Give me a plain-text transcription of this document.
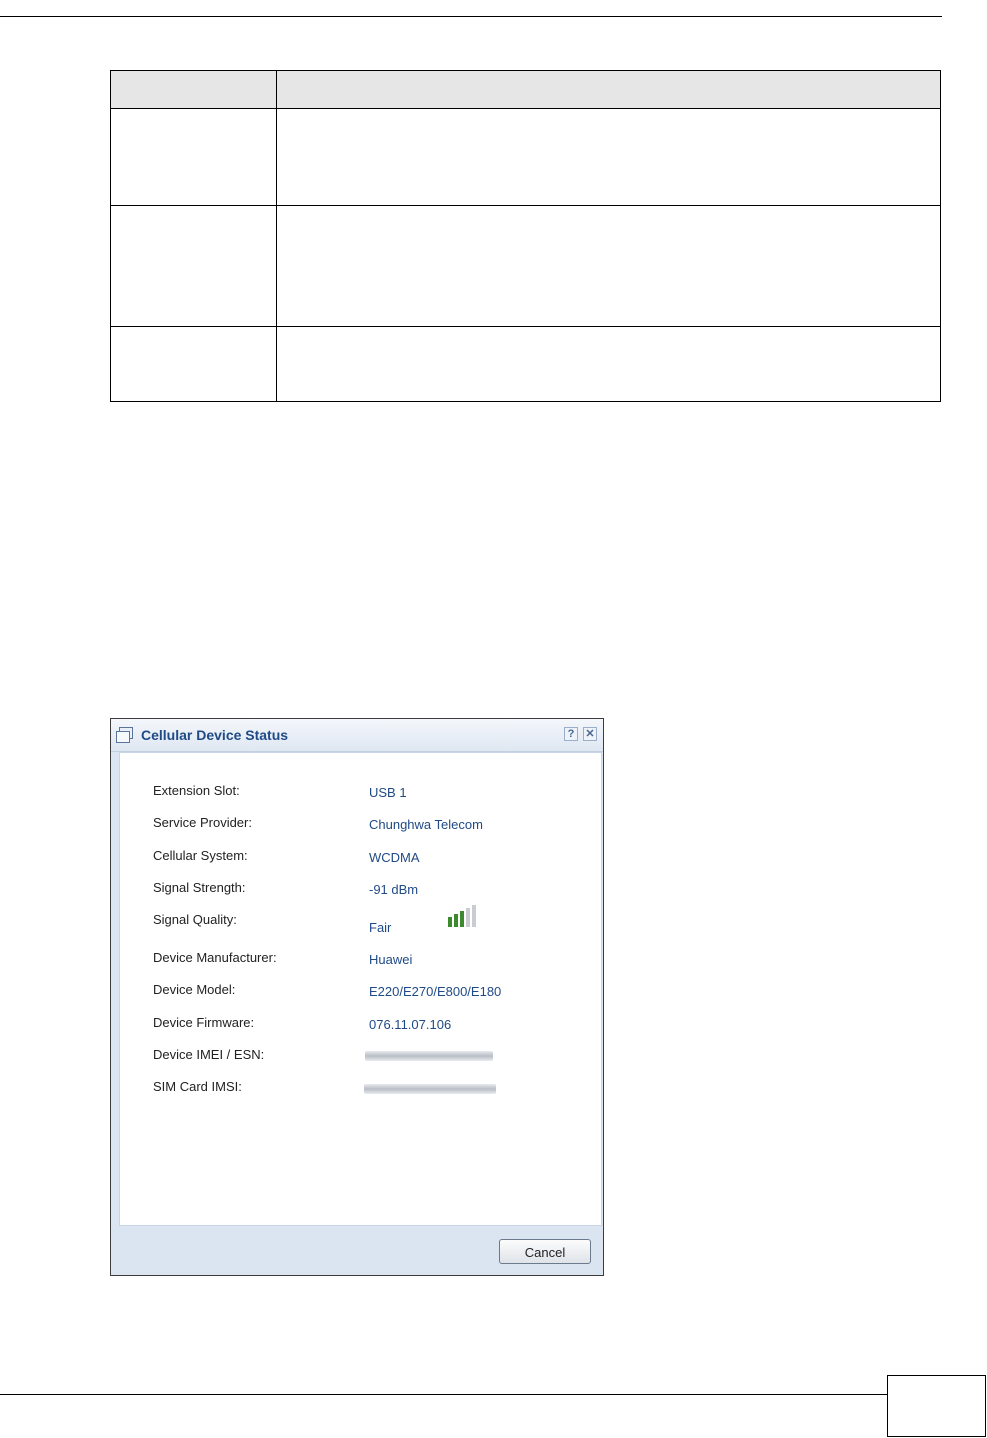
Cellular Device Status	?	✕
Extension Slot:	USB 1
Service Provider:	Chunghwa Telecom
Cellular System:	WCDMA
Signal Strength:	-91 dBm
Signal Quality:
Fair
Device Manufacturer:	Huawei
Device Model:	E220/E270/E800/E180
Device Firmware:	076.11.07.106
Device IMEI / ESN:
SIM Card IMSI:
Cancel
